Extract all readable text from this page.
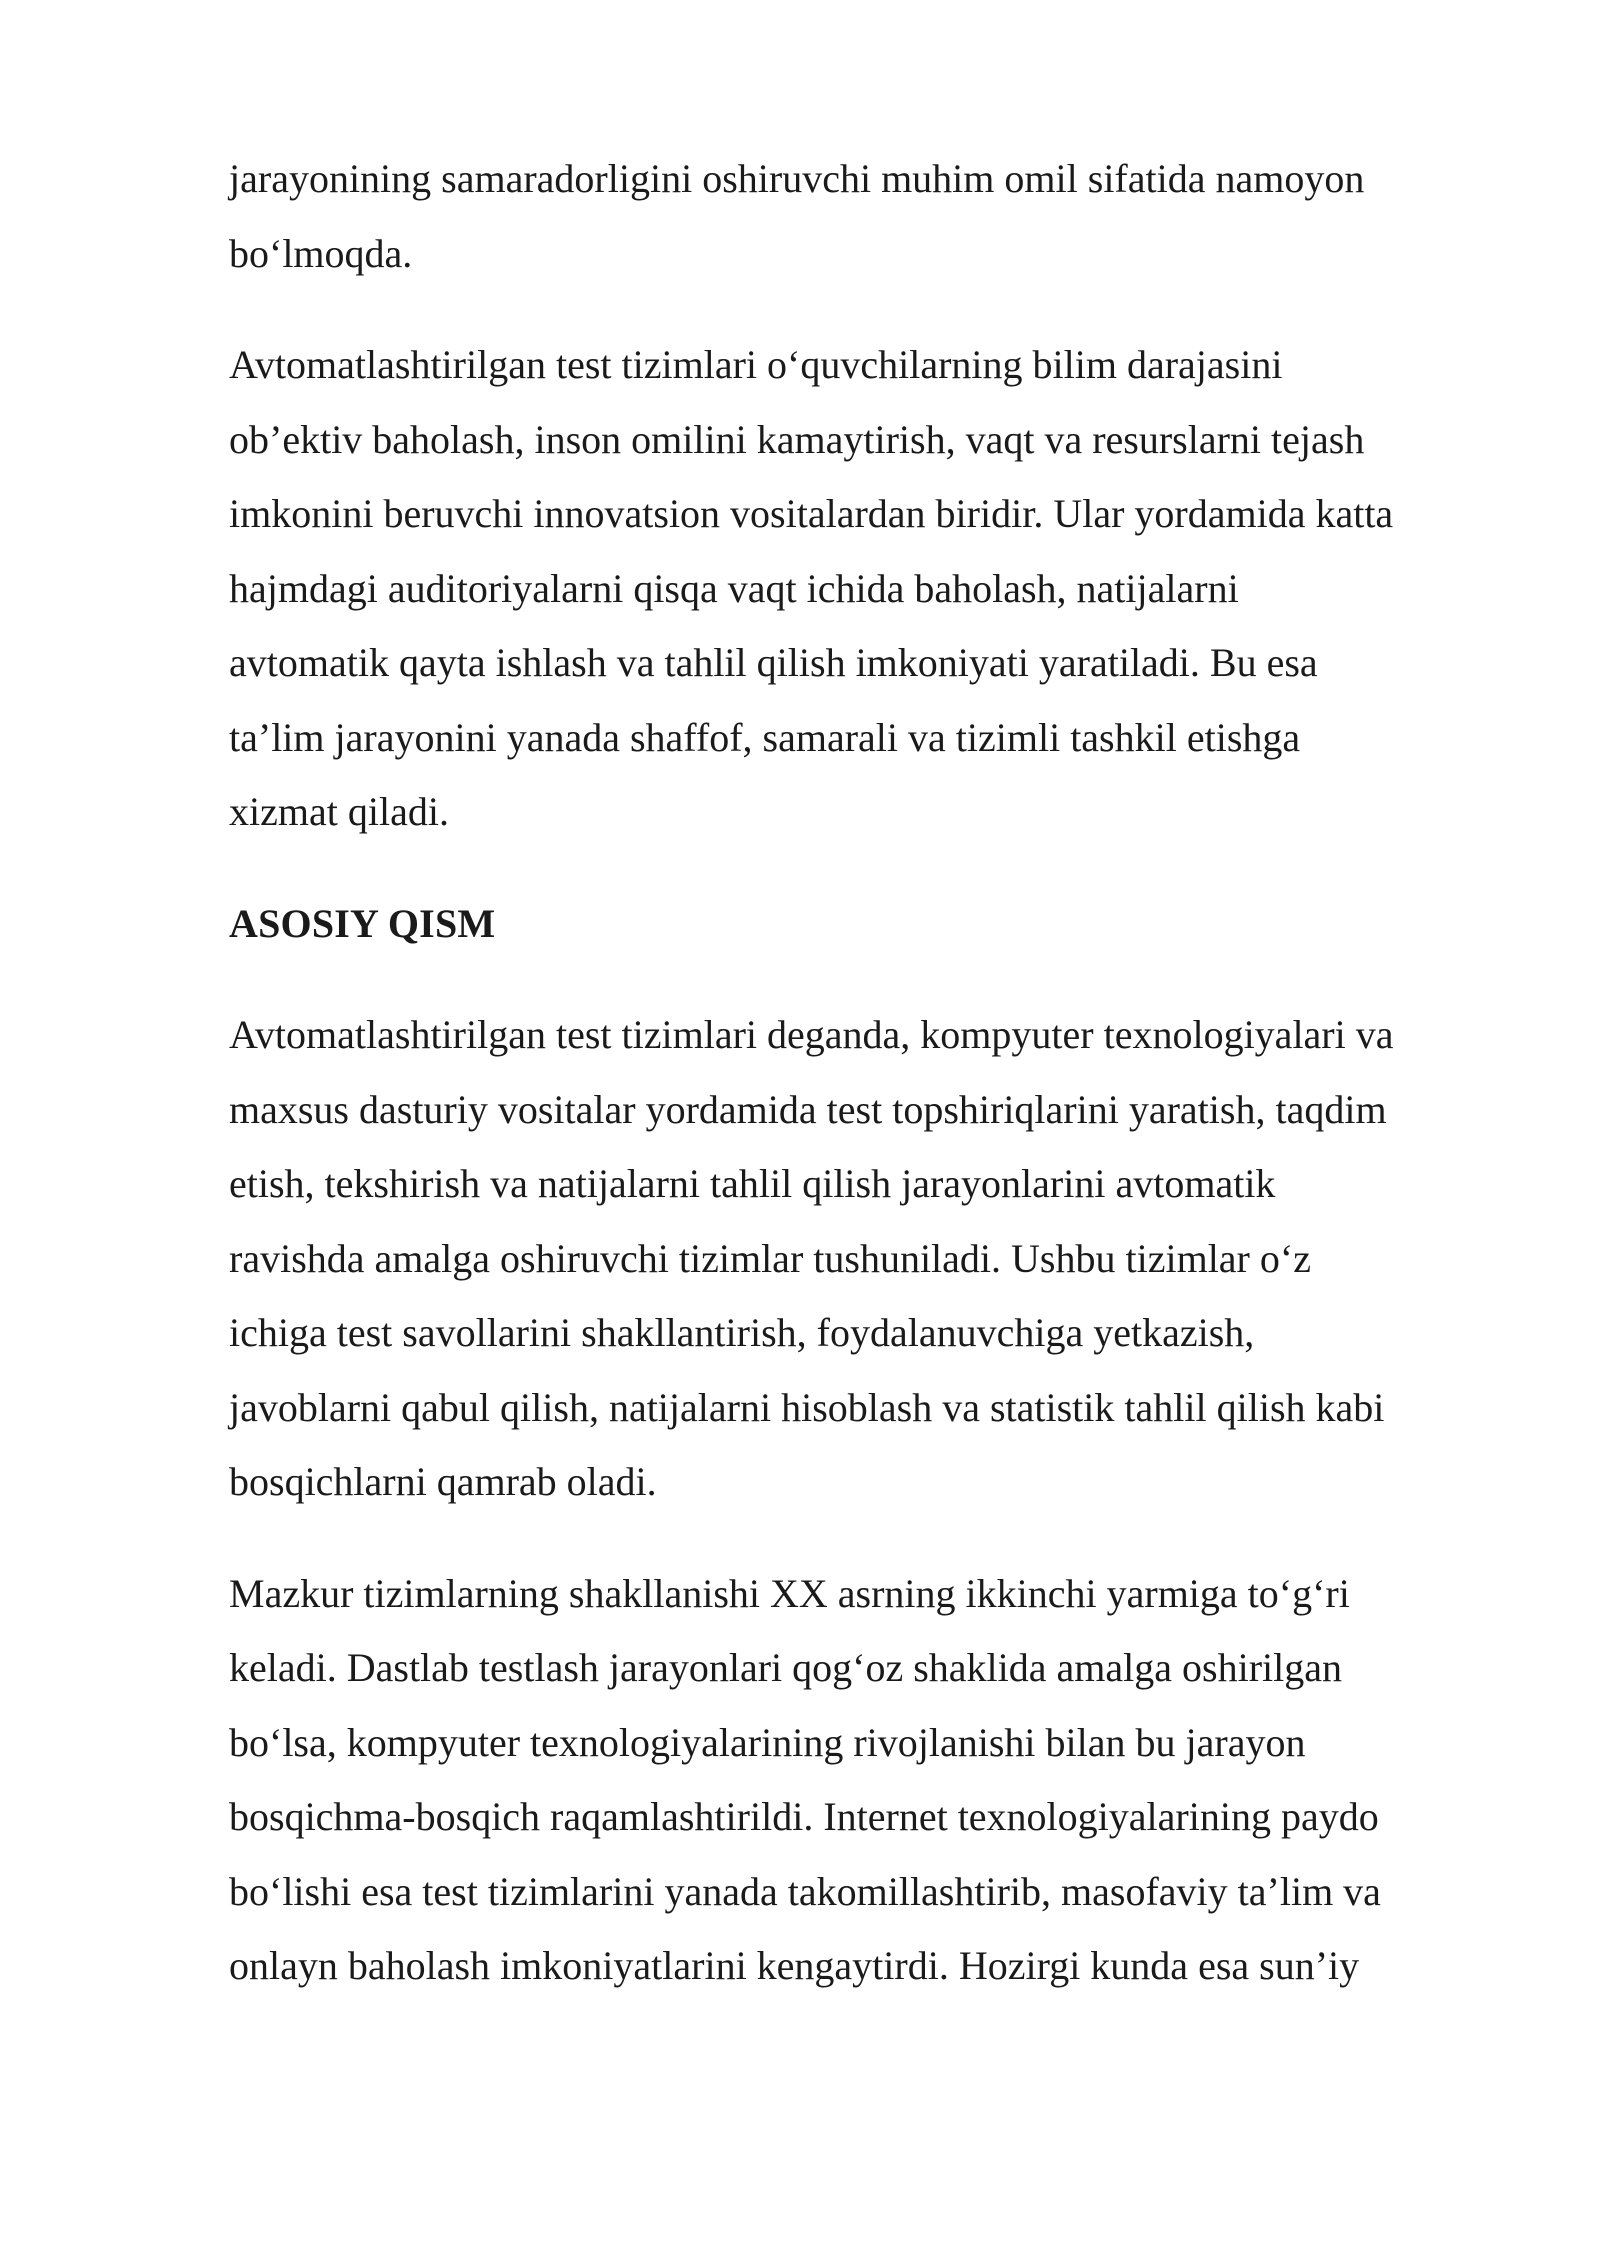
jarayonining samaradorligini oshiruvchi muhim omil sifatida namoyon
bo‘lmoqda.
Avtomatlashtirilgan test tizimlari o‘quvchilarning bilim darajasini
ob’ektiv baholash, inson omilini kamaytirish, vaqt va resurslarni tejash
imkonini beruvchi innovatsion vositalardan biridir. Ular yordamida katta
hajmdagi auditoriyalarni qisqa vaqt ichida baholash, natijalarni
avtomatik qayta ishlash va tahlil qilish imkoniyati yaratiladi. Bu esa
ta’lim jarayonini yanada shaffof, samarali va tizimli tashkil etishga
xizmat qiladi.
ASOSIY QISM
Avtomatlashtirilgan test tizimlari deganda, kompyuter texnologiyalari va
maxsus dasturiy vositalar yordamida test topshiriqlarini yaratish, taqdim
etish, tekshirish va natijalarni tahlil qilish jarayonlarini avtomatik
ravishda amalga oshiruvchi tizimlar tushuniladi. Ushbu tizimlar o‘z
ichiga test savollarini shakllantirish, foydalanuvchiga yetkazish,
javoblarni qabul qilish, natijalarni hisoblash va statistik tahlil qilish kabi
bosqichlarni qamrab oladi.
Mazkur tizimlarning shakllanishi XX asrning ikkinchi yarmiga to‘g‘ri
keladi. Dastlab testlash jarayonlari qog‘oz shaklida amalga oshirilgan
bo‘lsa, kompyuter texnologiyalarining rivojlanishi bilan bu jarayon
bosqichma-bosqich raqamlashtirildi. Internet texnologiyalarining paydo
bo‘lishi esa test tizimlarini yanada takomillashtirib, masofaviy ta’lim va
onlayn baholash imkoniyatlarini kengaytirdi. Hozirgi kunda esa sun’iy
